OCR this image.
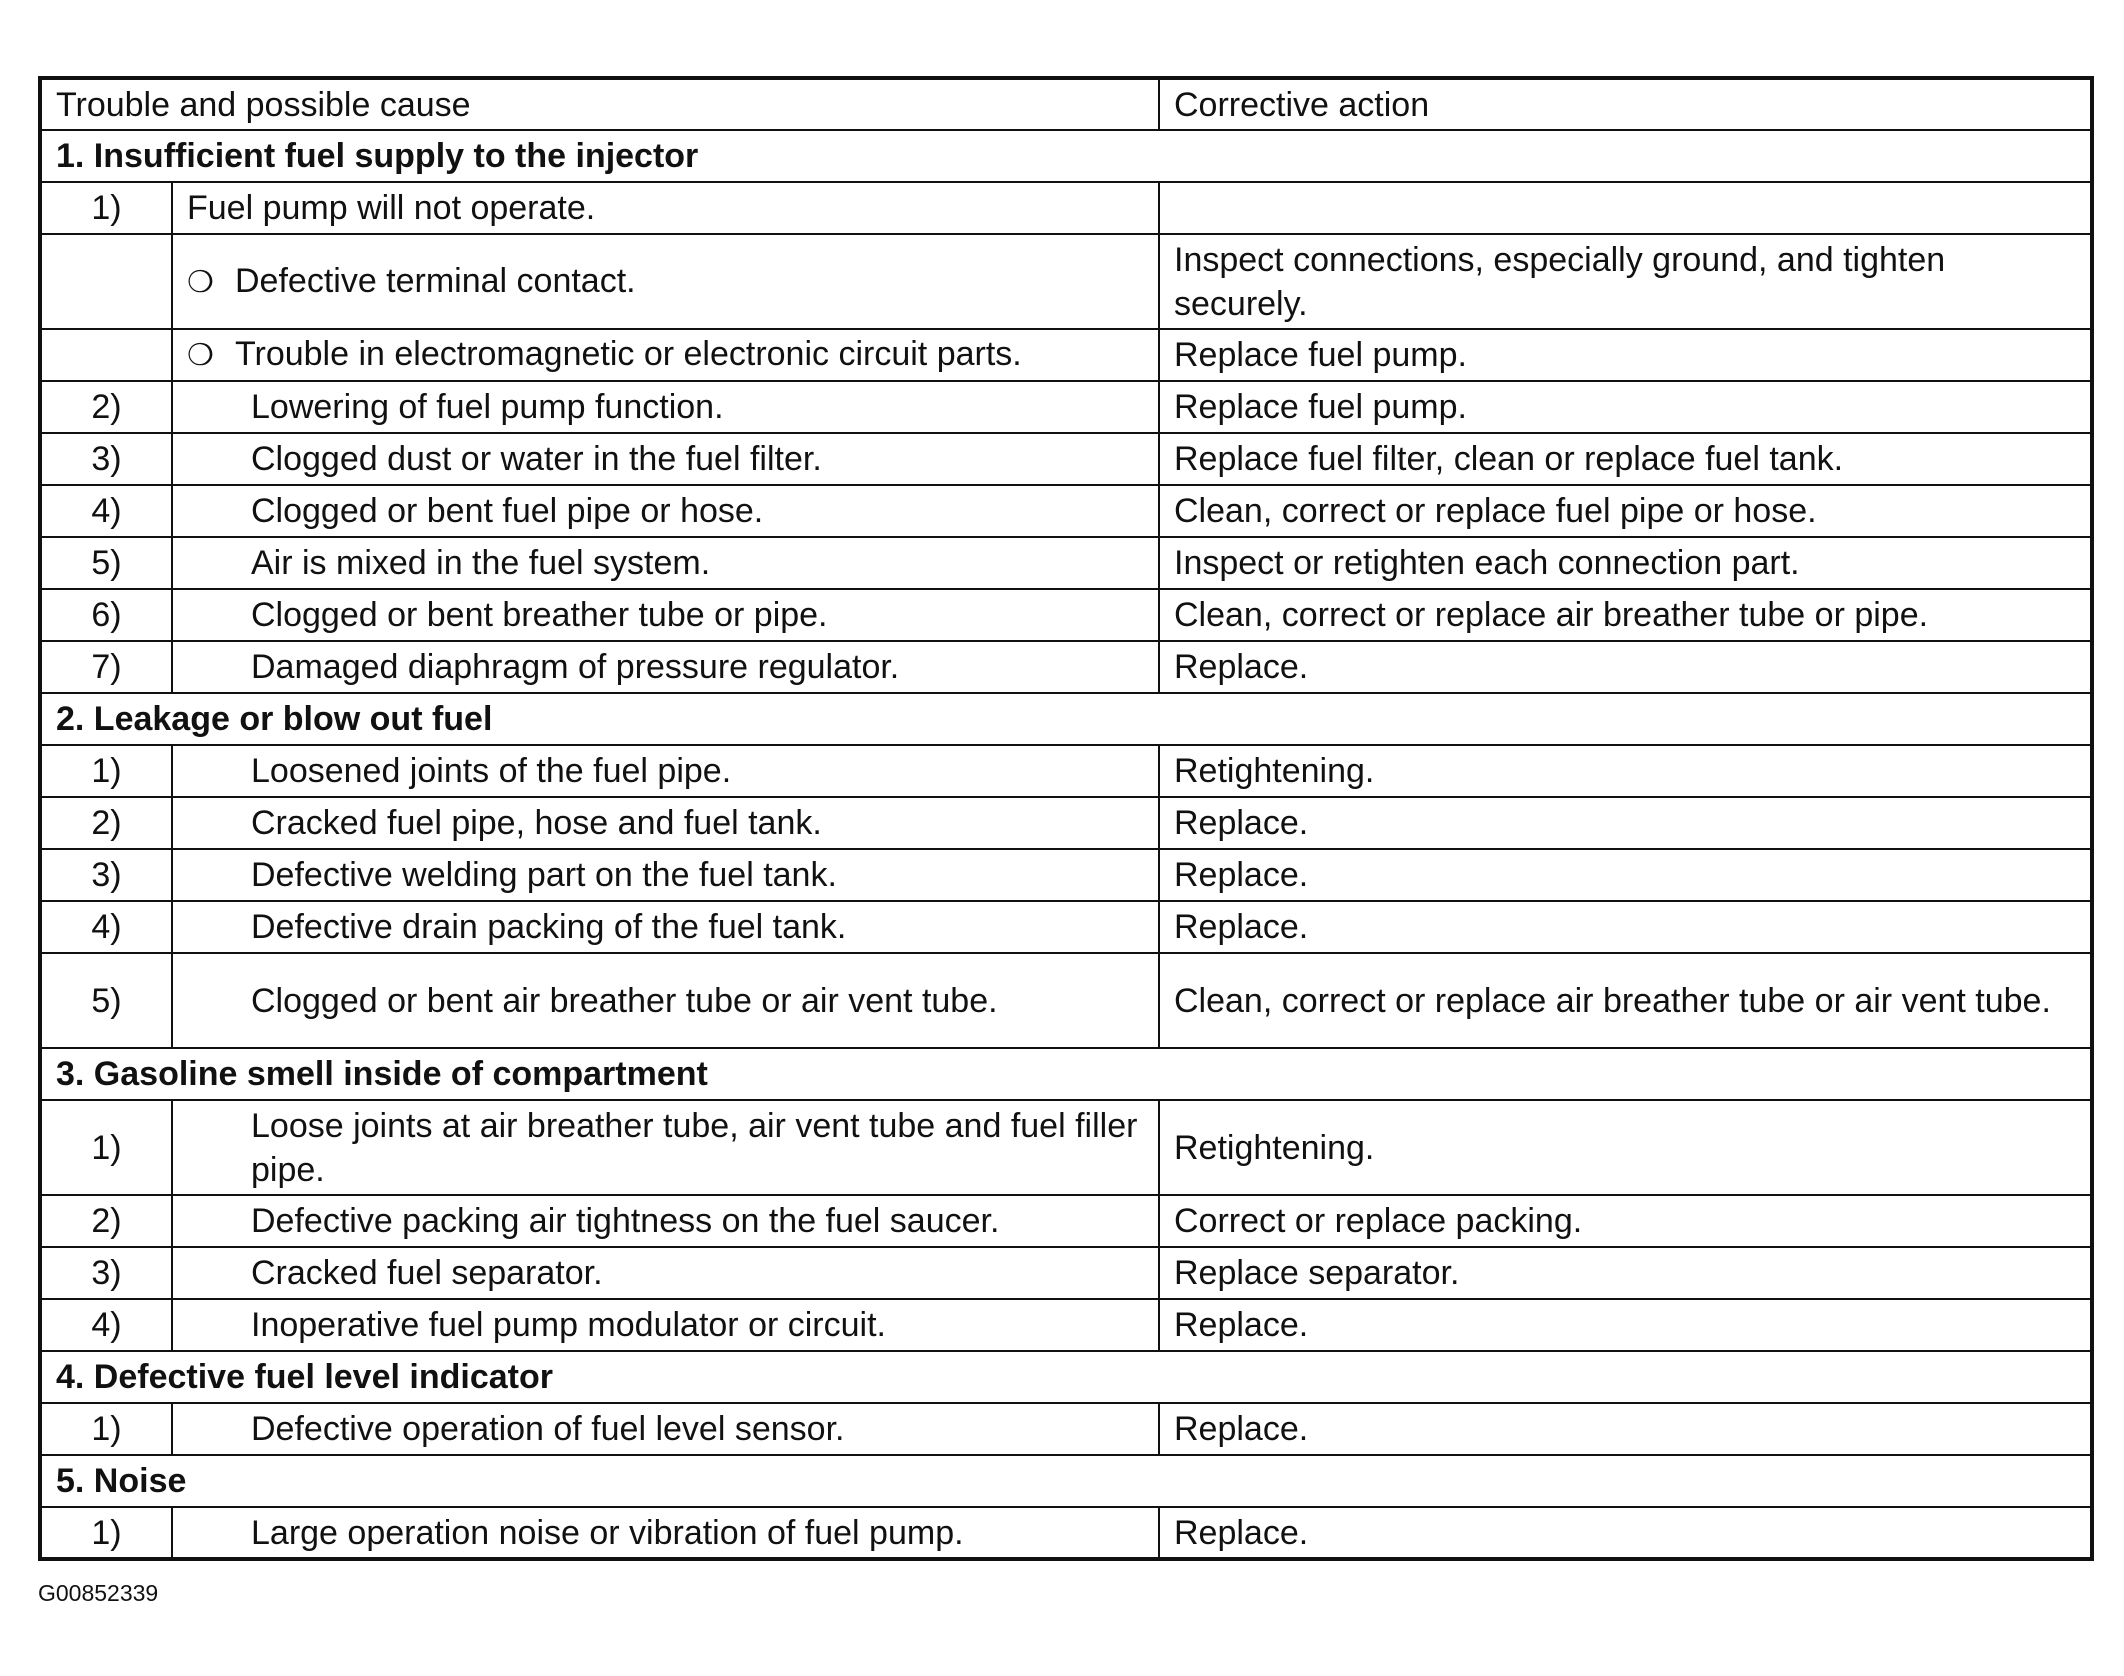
Trouble and possible cause		Corrective action
1. Insufficient fuel supply to the injector		
1)	Fuel pump will not operate.	
	❍ Defective terminal contact.	Inspect connections, especially ground, and tighten securely.
	❍ Trouble in electromagnetic or electronic circuit parts.	Replace fuel pump.
2)	Lowering of fuel pump function.	Replace fuel pump.
3)	Clogged dust or water in the fuel filter.	Replace fuel filter, clean or replace fuel tank.
4)	Clogged or bent fuel pipe or hose.	Clean, correct or replace fuel pipe or hose.
5)	Air is mixed in the fuel system.	Inspect or retighten each connection part.
6)	Clogged or bent breather tube or pipe.	Clean, correct or replace air breather tube or pipe.
7)	Damaged diaphragm of pressure regulator.	Replace.
2. Leakage or blow out fuel		
1)	Loosened joints of the fuel pipe.	Retightening.
2)	Cracked fuel pipe, hose and fuel tank.	Replace.
3)	Defective welding part on the fuel tank.	Replace.
4)	Defective drain packing of the fuel tank.	Replace.
5)	Clogged or bent air breather tube or air vent tube.	Clean, correct or replace air breather tube or air vent tube.
3. Gasoline smell inside of compartment		
1)	Loose joints at air breather tube, air vent tube and fuel filler pipe.	Retightening.
2)	Defective packing air tightness on the fuel saucer.	Correct or replace packing.
3)	Cracked fuel separator.	Replace separator.
4)	Inoperative fuel pump modulator or circuit.	Replace.
4. Defective fuel level indicator		
1)	Defective operation of fuel level sensor.	Replace.
5. Noise		
1)	Large operation noise or vibration of fuel pump.	Replace.
G00852339
